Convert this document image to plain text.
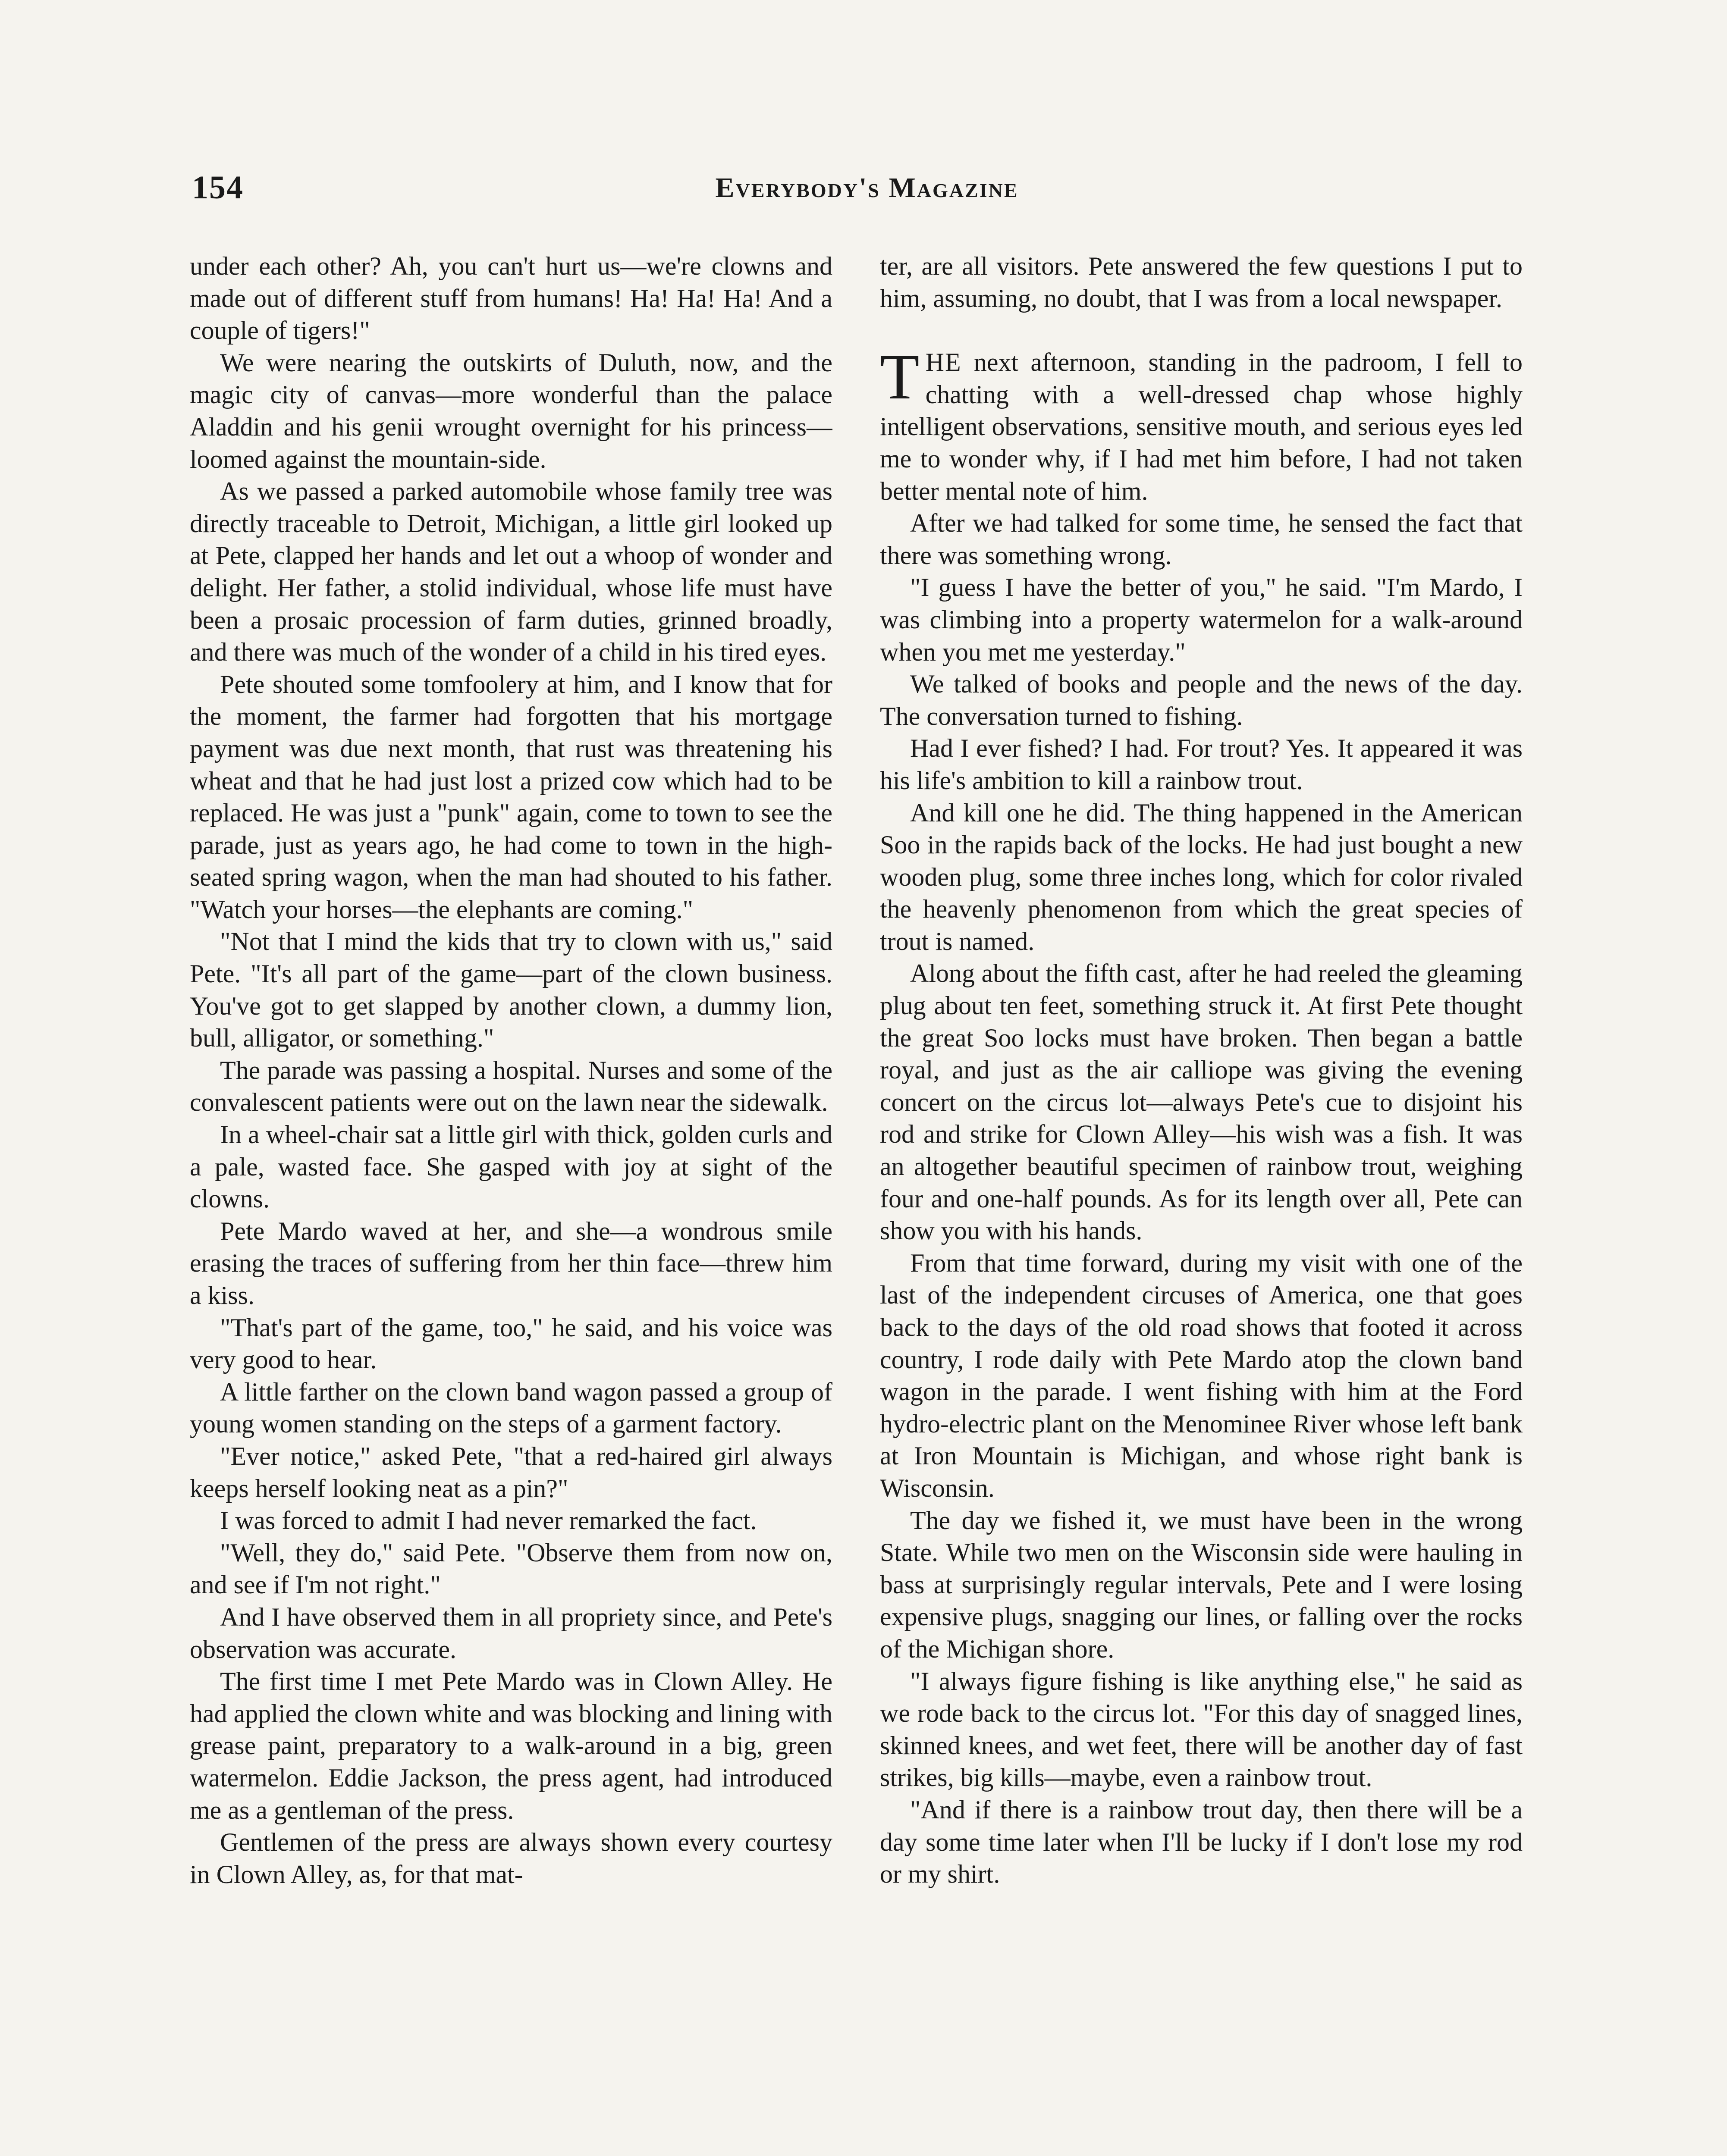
154	Everybody's Magazine

under each other? Ah, you can't hurt us—we're clowns and made out of different stuff from humans! Ha! Ha! Ha! And a couple of tigers!"

We were nearing the outskirts of Duluth, now, and the magic city of canvas—more wonderful than the palace Aladdin and his genii wrought overnight for his princess—loomed against the mountain-side.

As we passed a parked automobile whose family tree was directly traceable to Detroit, Michigan, a little girl looked up at Pete, clapped her hands and let out a whoop of wonder and delight. Her father, a stolid individual, whose life must have been a prosaic procession of farm duties, grinned broadly, and there was much of the wonder of a child in his tired eyes.

Pete shouted some tomfoolery at him, and I know that for the moment, the farmer had forgotten that his mortgage payment was due next month, that rust was threatening his wheat and that he had just lost a prized cow which had to be replaced. He was just a "punk" again, come to town to see the parade, just as years ago, he had come to town in the high-seated spring wagon, when the man had shouted to his father. "Watch your horses—the elephants are coming."

"Not that I mind the kids that try to clown with us," said Pete. "It's all part of the game—part of the clown business. You've got to get slapped by another clown, a dummy lion, bull, alligator, or something."

The parade was passing a hospital. Nurses and some of the convalescent patients were out on the lawn near the sidewalk.

In a wheel-chair sat a little girl with thick, golden curls and a pale, wasted face. She gasped with joy at sight of the clowns.

Pete Mardo waved at her, and she—a wondrous smile erasing the traces of suffering from her thin face—threw him a kiss.

"That's part of the game, too," he said, and his voice was very good to hear.

A little farther on the clown band wagon passed a group of young women standing on the steps of a garment factory.

"Ever notice," asked Pete, "that a red-haired girl always keeps herself looking neat as a pin?"

I was forced to admit I had never remarked the fact.

"Well, they do," said Pete. "Observe them from now on, and see if I'm not right."

And I have observed them in all propriety since, and Pete's observation was accurate.

The first time I met Pete Mardo was in Clown Alley. He had applied the clown white and was blocking and lining with grease paint, preparatory to a walk-around in a big, green watermelon. Eddie Jackson, the press agent, had introduced me as a gentleman of the press.

Gentlemen of the press are always shown every courtesy in Clown Alley, as, for that mat-

ter, are all visitors. Pete answered the few questions I put to him, assuming, no doubt, that I was from a local newspaper.

THE next afternoon, standing in the padroom, I fell to chatting with a well-dressed chap whose highly intelligent observations, sensitive mouth, and serious eyes led me to wonder why, if I had met him before, I had not taken better mental note of him.

After we had talked for some time, he sensed the fact that there was something wrong.

"I guess I have the better of you," he said. "I'm Mardo, I was climbing into a property watermelon for a walk-around when you met me yesterday."

We talked of books and people and the news of the day. The conversation turned to fishing.

Had I ever fished? I had. For trout? Yes. It appeared it was his life's ambition to kill a rainbow trout.

And kill one he did. The thing happened in the American Soo in the rapids back of the locks. He had just bought a new wooden plug, some three inches long, which for color rivaled the heavenly phenomenon from which the great species of trout is named.

Along about the fifth cast, after he had reeled the gleaming plug about ten feet, something struck it. At first Pete thought the great Soo locks must have broken. Then began a battle royal, and just as the air calliope was giving the evening concert on the circus lot—always Pete's cue to disjoint his rod and strike for Clown Alley—his wish was a fish. It was an altogether beautiful specimen of rainbow trout, weighing four and one-half pounds. As for its length over all, Pete can show you with his hands.

From that time forward, during my visit with one of the last of the independent circuses of America, one that goes back to the days of the old road shows that footed it across country, I rode daily with Pete Mardo atop the clown band wagon in the parade. I went fishing with him at the Ford hydro-electric plant on the Menominee River whose left bank at Iron Mountain is Michigan, and whose right bank is Wisconsin.

The day we fished it, we must have been in the wrong State. While two men on the Wisconsin side were hauling in bass at surprisingly regular intervals, Pete and I were losing expensive plugs, snagging our lines, or falling over the rocks of the Michigan shore.

"I always figure fishing is like anything else," he said as we rode back to the circus lot. "For this day of snagged lines, skinned knees, and wet feet, there will be another day of fast strikes, big kills—maybe, even a rainbow trout.

"And if there is a rainbow trout day, then there will be a day some time later when I'll be lucky if I don't lose my rod or my shirt.
